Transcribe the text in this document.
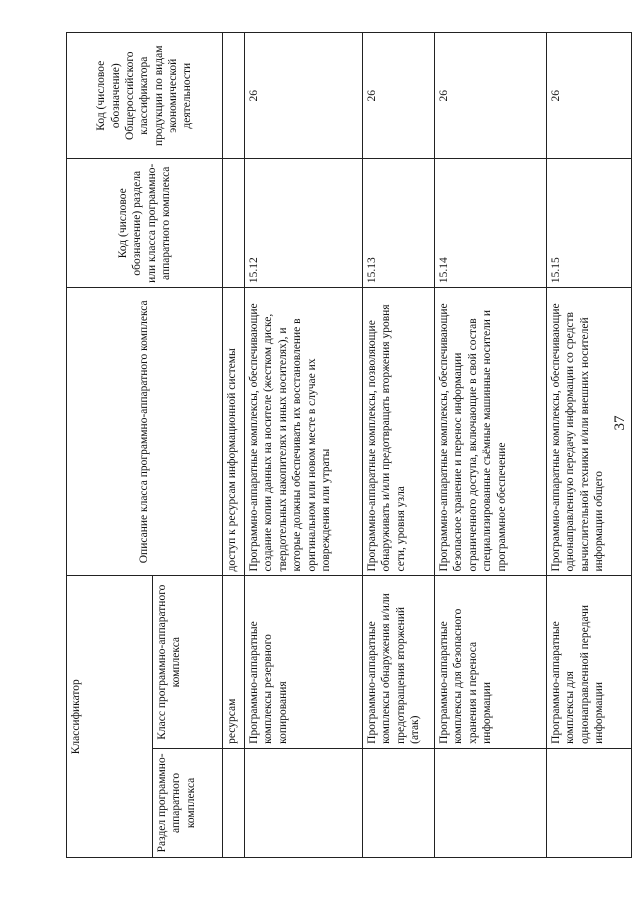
37
Классификатор		Описание класса программно-аппаратного комплекса	Код (числовое обозначение) раздела или класса программно-аппаратного комплекса	Код (числовое обозначение) Общероссийского классификатора продукции по видам экономической деятельности
Раздел программно-аппаратного комплекса	Класс программно-аппаратного комплекса			
	ресурсам	доступ к ресурсам информационной системы		
	Программно-аппаратные комплексы резервного копирования	Программно-аппаратные комплексы, обеспечивающие создание копии данных на носителе (жестком диске, твердотельных накопителях и иных носителях), и которые должны обеспечивать их восстановление в оригинальном или новом месте в случае их повреждения или утраты	15.12	26
	Программно-аппаратные комплексы обнаружения и/или предотвращения вторжений (атак)	Программно-аппаратные комплексы, позволяющие обнаруживать и/или предотвращать вторжения уровня сети, уровня узла	15.13	26
	Программно-аппаратные комплексы для безопасного хранения и переноса информации	Программно-аппаратные комплексы, обеспечивающие безопасное хранение и перенос информации ограниченного доступа, включающие в свой состав специализированные съёмные машинные носители и программное обеспечение	15.14	26
	Программно-аппаратные комплексы для однонаправленной передачи информации	Программно-аппаратные комплексы, обеспечивающие однонаправленную передачу информации со средств вычислительной техники и/или внешних носителей информации общего	15.15	26
